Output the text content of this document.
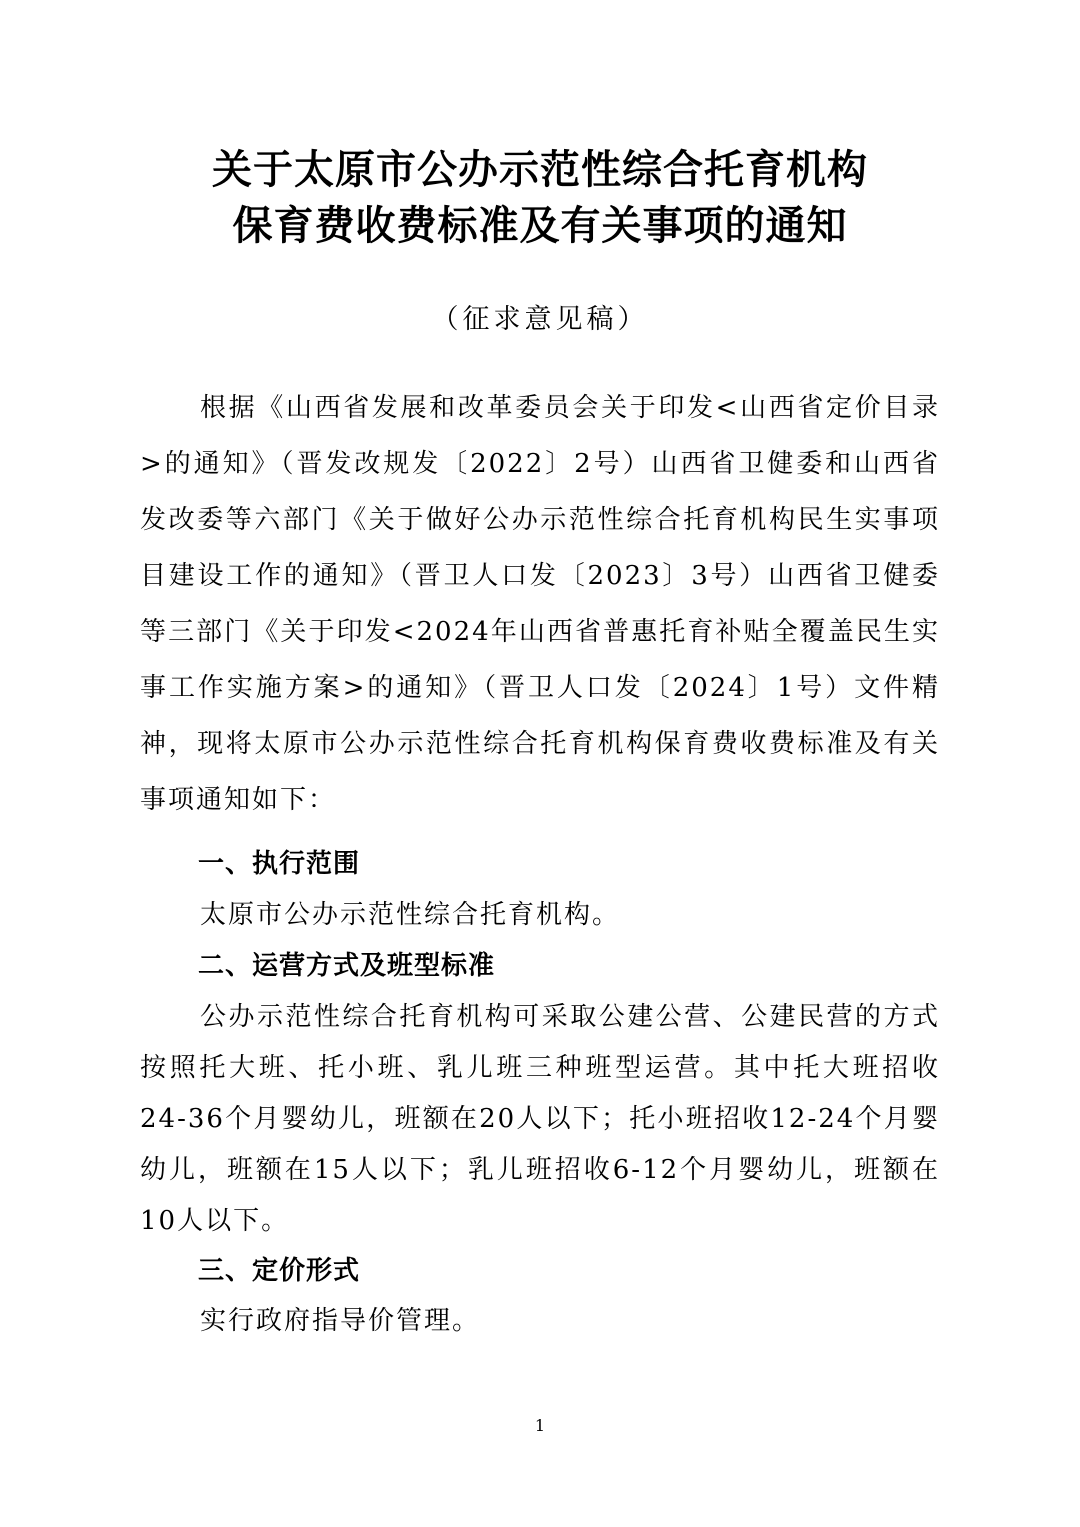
关于太原市公办示范性综合托育机构
保育费收费标准及有关事项的通知

（征求意见稿）

根据《山西省发展和改革委员会关于印发<山西省定价目录>的通知》（晋发改规发〔2022〕2号）山西省卫健委和山西省发改委等六部门《关于做好公办示范性综合托育机构民生实事项目建设工作的通知》（晋卫人口发〔2023〕3号）山西省卫健委等三部门《关于印发<2024年山西省普惠托育补贴全覆盖民生实事工作实施方案>的通知》（晋卫人口发〔2024〕1号）文件精神，现将太原市公办示范性综合托育机构保育费收费标准及有关事项通知如下：

一、执行范围

太原市公办示范性综合托育机构。

二、运营方式及班型标准

公办示范性综合托育机构可采取公建公营、公建民营的方式按照托大班、托小班、乳儿班三种班型运营。其中托大班招收24-36个月婴幼儿，班额在20人以下；托小班招收12-24个月婴幼儿，班额在15人以下；乳儿班招收6-12个月婴幼儿，班额在10人以下。

三、定价形式

实行政府指导价管理。

1
